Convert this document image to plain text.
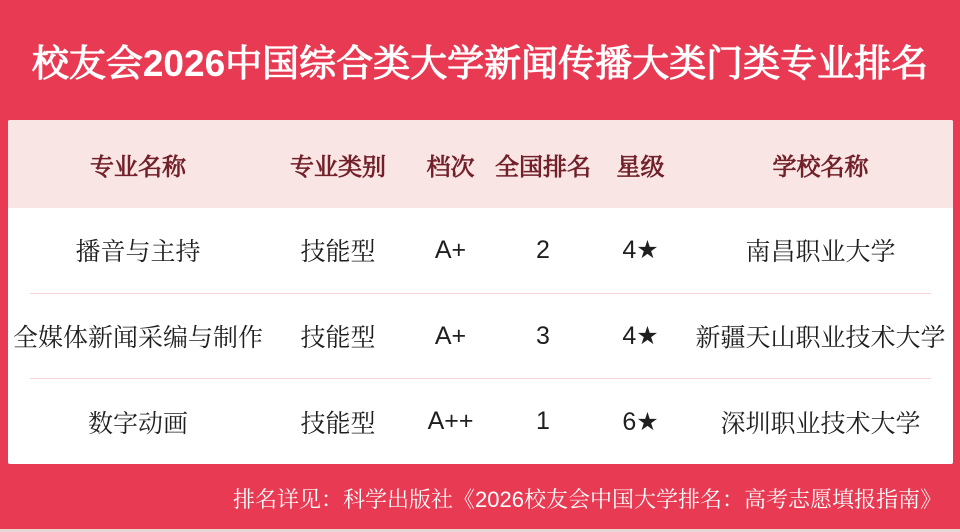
校友会2026中国综合类大学新闻传播大类门类专业排名
专业名称	专业类别	档次 全国排名	星级	学校名称
播音与主持	技能型	A+	2	4★	南昌职业大学
全媒体新闻采编与制作	技能型	A+	3	4★	新疆天山职业技术大学
数字动画	技能型	A++	1	6★	深圳职业技术大学
排名详见：科学出版社《2026校友会中国大学排名：高考志愿填报指南》
